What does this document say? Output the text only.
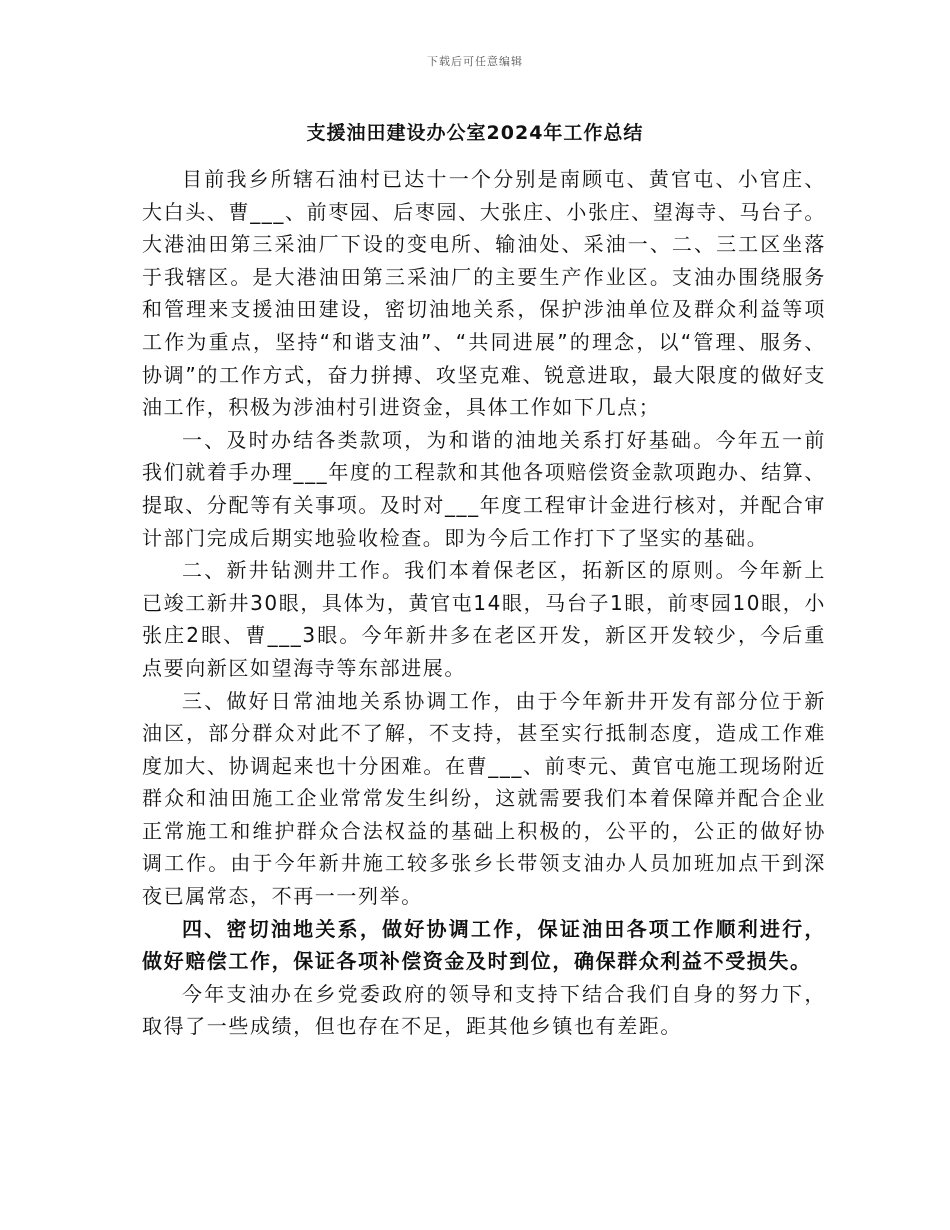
下载后可任意编辑
支援油田建设办公室2024年工作总结

目前我乡所辖石油村已达十一个分别是南顾屯、黄官屯、小官庄、大白头、曹___、前枣园、后枣园、大张庄、小张庄、望海寺、马台子。大港油田第三采油厂下设的变电所、输油处、采油一、二、三工区坐落于我辖区。是大港油田第三采油厂的主要生产作业区。支油办围绕服务和管理来支援油田建设，密切油地关系，保护涉油单位及群众利益等项工作为重点，坚持“和谐支油”、“共同进展”的理念，以“管理、服务、协调”的工作方式，奋力拼搏、攻坚克难、锐意进取，最大限度的做好支油工作，积极为涉油村引进资金，具体工作如下几点；

一、及时办结各类款项，为和谐的油地关系打好基础。今年五一前我们就着手办理___年度的工程款和其他各项赔偿资金款项跑办、结算、提取、分配等有关事项。及时对___年度工程审计金进行核对，并配合审计部门完成后期实地验收检查。即为今后工作打下了坚实的基础。

二、新井钻测井工作。我们本着保老区，拓新区的原则。今年新上已竣工新井30眼，具体为，黄官屯14眼，马台子1眼，前枣园10眼，小张庄2眼、曹___3眼。今年新井多在老区开发，新区开发较少，今后重点要向新区如望海寺等东部进展。

三、做好日常油地关系协调工作，由于今年新井开发有部分位于新油区，部分群众对此不了解，不支持，甚至实行抵制态度，造成工作难度加大、协调起来也十分困难。在曹___、前枣元、黄官屯施工现场附近群众和油田施工企业常常发生纠纷，这就需要我们本着保障并配合企业正常施工和维护群众合法权益的基础上积极的，公平的，公正的做好协调工作。由于今年新井施工较多张乡长带领支油办人员加班加点干到深夜已属常态，不再一一列举。

四、密切油地关系，做好协调工作，保证油田各项工作顺利进行，做好赔偿工作，保证各项补偿资金及时到位，确保群众利益不受损失。

今年支油办在乡党委政府的领导和支持下结合我们自身的努力下，取得了一些成绩，但也存在不足，距其他乡镇也有差距。
